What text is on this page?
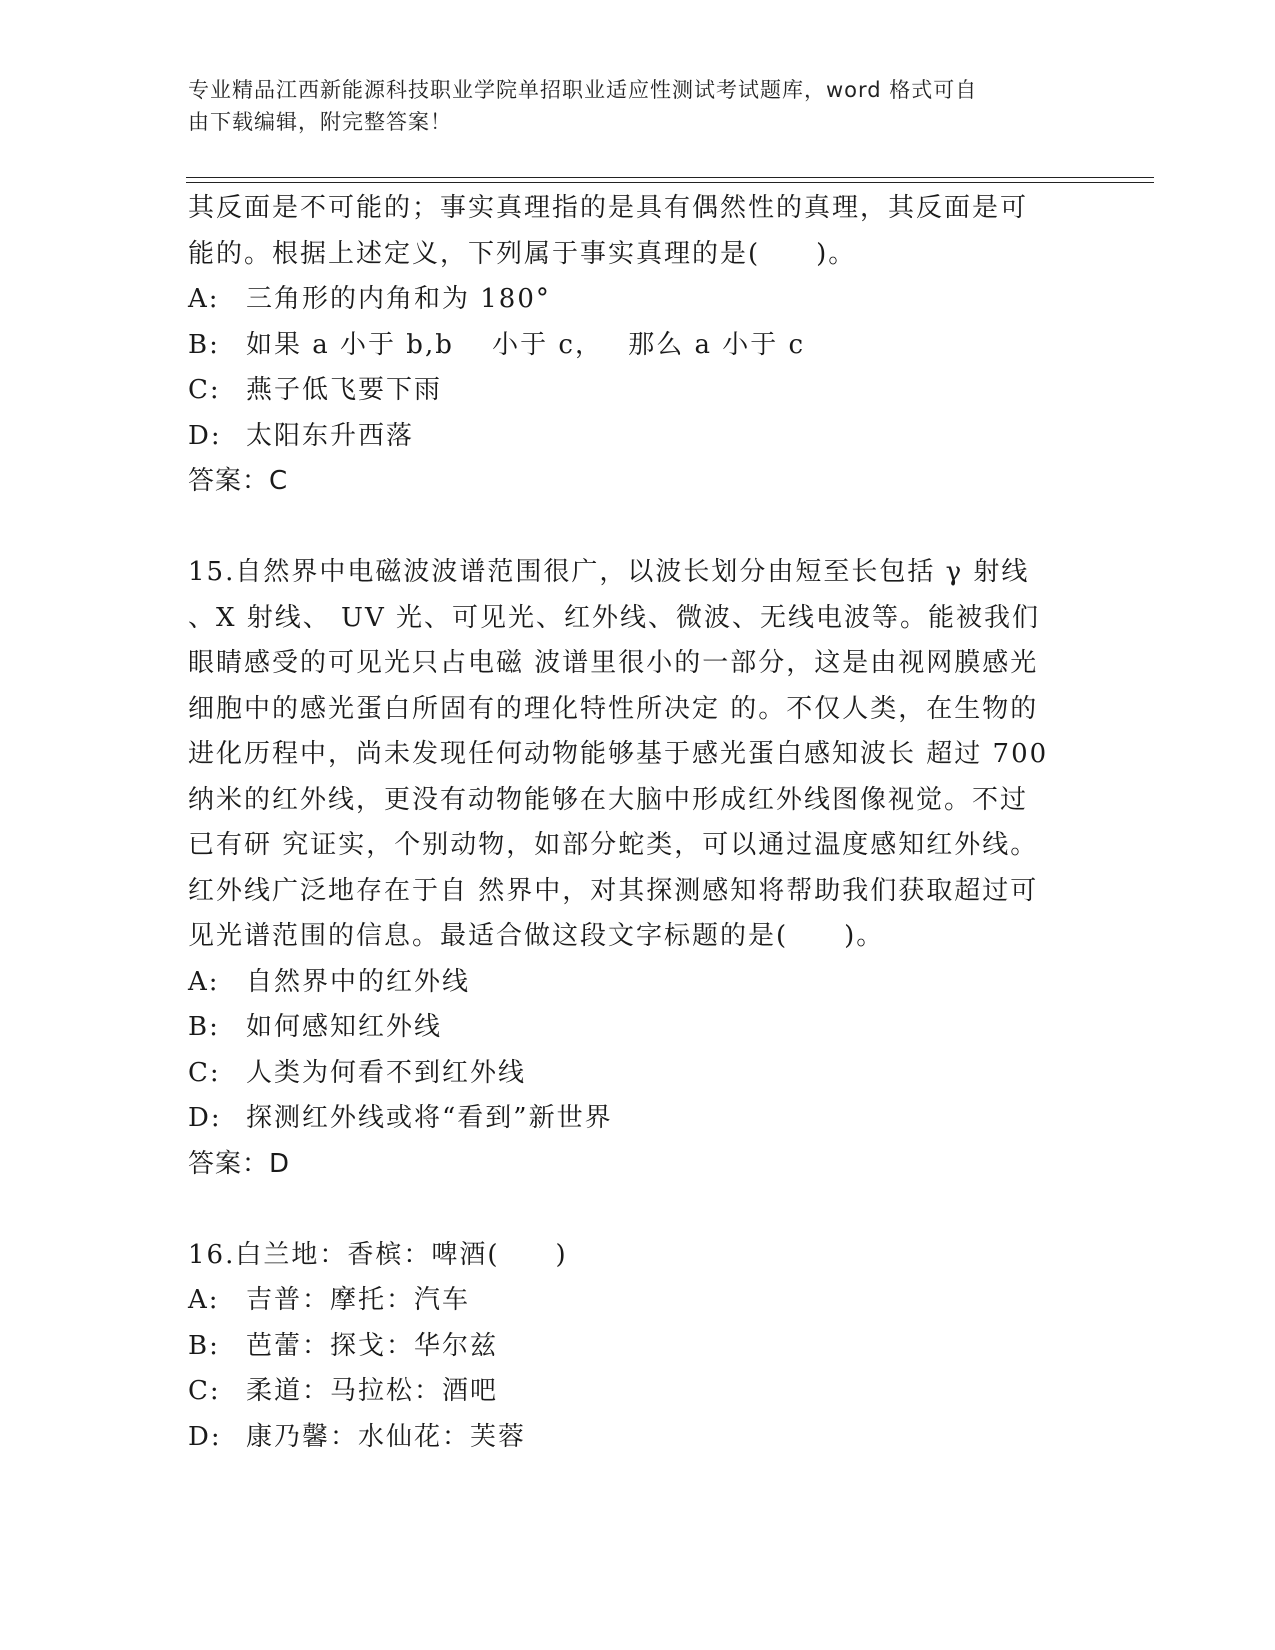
专业精品江西新能源科技职业学院单招职业适应性测试考试题库，word 格式可自
由下载编辑，附完整答案！
其反面是不可能的；事实真理指的是具有偶然性的真理，其反面是可
能的。根据上述定义，下列属于事实真理的是(　　)。
A:	三角形的内角和为 180°
B:	如果 a 小于 b,b　 小于 c，　 那么 a 小于 c
C: 燕子低飞要下雨
D: 太阳东升西落
答案：C
15.自然界中电磁波波谱范围很广，以波长划分由短至长包括 γ 射线
、X 射线、 UV 光、可见光、红外线、微波、无线电波等。能被我们
眼睛感受的可见光只占电磁 波谱里很小的一部分，这是由视网膜感光
细胞中的感光蛋白所固有的理化特性所决定 的。不仅人类，在生物的
进化历程中，尚未发现任何动物能够基于感光蛋白感知波长 超过 700
纳米的红外线，更没有动物能够在大脑中形成红外线图像视觉。不过
已有研 究证实，个别动物，如部分蛇类，可以通过温度感知红外线。
红外线广泛地存在于自 然界中，对其探测感知将帮助我们获取超过可
见光谱范围的信息。最适合做这段文字标题的是(　　)。
A:	自然界中的红外线
B:	如何感知红外线
C: 人类为何看不到红外线
D: 探测红外线或将“看到”新世界
答案：D
16.白兰地：香槟：啤酒(　　)
A:	吉普：摩托：汽车
B:	芭蕾：探戈：华尔兹
C: 柔道：马拉松：酒吧
D: 康乃馨：水仙花：芙蓉
